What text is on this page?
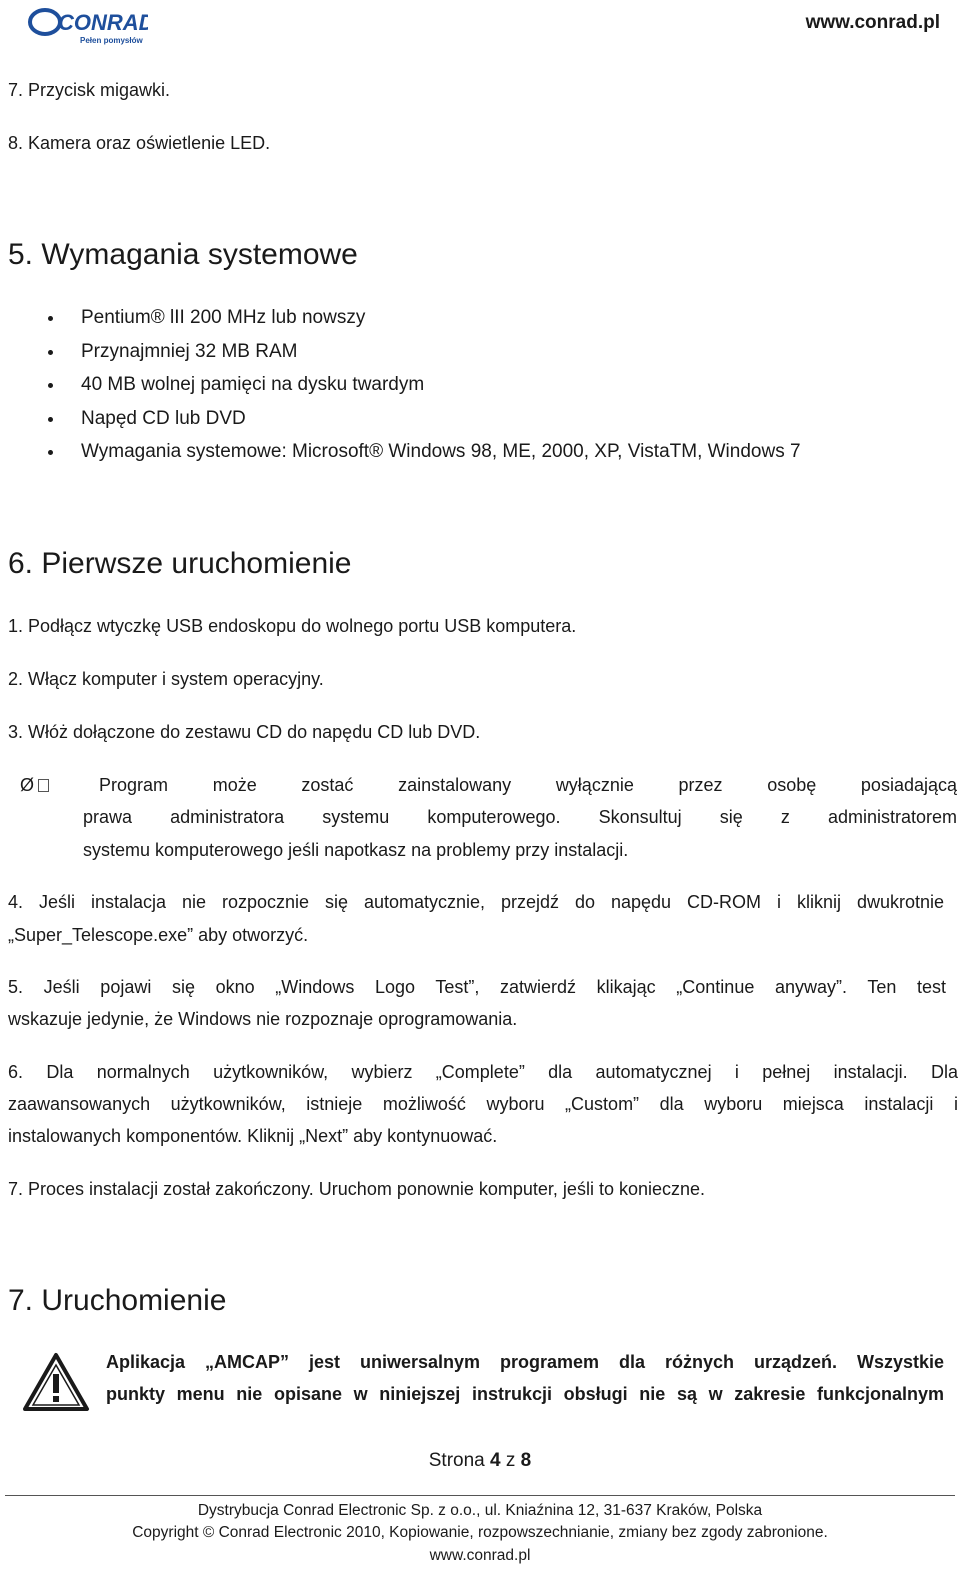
CONRAD
Pełen pomysłów
www.conrad.pl
7. Przycisk migawki.
8. Kamera oraz oświetlenie LED.
5. Wymagania systemowe
Pentium® lII 200 MHz lub nowszy
Przynajmniej 32 MB RAM
40 MB wolnej pamięci na dysku twardym
Napęd CD lub DVD
Wymagania systemowe: Microsoft® Windows 98, ME, 2000, XP, VistaTM, Windows 7
6. Pierwsze uruchomienie
1. Podłącz wtyczkę USB endoskopu do wolnego portu USB komputera.
2. Włącz komputer i system operacyjny.
3. Włóż dołączone do zestawu CD do napędu CD lub DVD.
Ø	Program może zostać zainstalowany wyłącznie przez osobę posiadającą
prawa administratora systemu komputerowego. Skonsultuj się z administratorem
systemu komputerowego jeśli napotkasz na problemy przy instalacji.
4. Jeśli instalacja nie rozpocznie się automatycznie, przejdź do napędu CD-ROM i kliknij dwukrotnie
„Super_Telescope.exe” aby otworzyć.
5. Jeśli pojawi się okno „Windows Logo Test”, zatwierdź klikając „Continue anyway”. Ten test
wskazuje jedynie, że Windows nie rozpoznaje oprogramowania.
6. Dla normalnych użytkowników, wybierz „Complete” dla automatycznej i pełnej instalacji. Dla
zaawansowanych użytkowników, istnieje możliwość wyboru „Custom” dla wyboru miejsca instalacji i
instalowanych komponentów. Kliknij „Next” aby kontynuować.
7. Proces instalacji został zakończony. Uruchom ponownie komputer, jeśli to konieczne.
7. Uruchomienie
Aplikacja „AMCAP” jest uniwersalnym programem dla różnych urządzeń. Wszystkie
punkty menu nie opisane w niniejszej instrukcji obsługi nie są w zakresie funkcjonalnym
Strona 4 z 8
Dystrybucja Conrad Electronic Sp. z o.o., ul. Kniaźnina 12, 31-637 Kraków, Polska
Copyright © Conrad Electronic 2010, Kopiowanie, rozpowszechnianie, zmiany bez zgody zabronione.
www.conrad.pl
